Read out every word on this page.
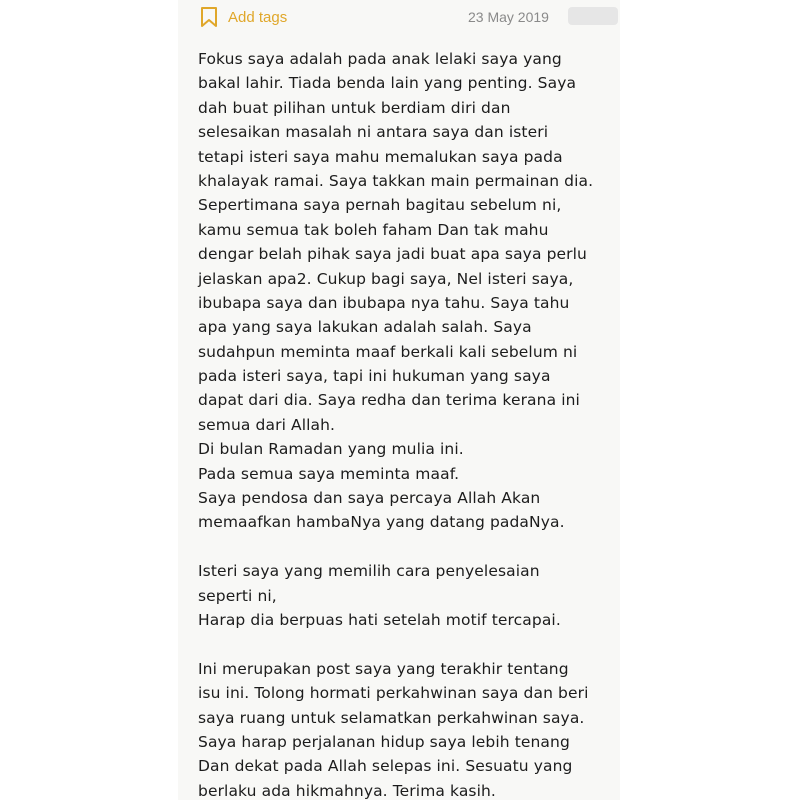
Add tags	23 May 2019
Fokus saya adalah pada anak lelaki saya yang
bakal lahir. Tiada benda lain yang penting. Saya
dah buat pilihan untuk berdiam diri dan
selesaikan masalah ni antara saya dan isteri
tetapi isteri saya mahu memalukan saya pada
khalayak ramai. Saya takkan main permainan dia.
Sepertimana saya pernah bagitau sebelum ni,
kamu semua tak boleh faham Dan tak mahu
dengar belah pihak saya jadi buat apa saya perlu
jelaskan apa2. Cukup bagi saya, Nel isteri saya,
ibubapa saya dan ibubapa nya tahu. Saya tahu
apa yang saya lakukan adalah salah. Saya
sudahpun meminta maaf berkali kali sebelum ni
pada isteri saya, tapi ini hukuman yang saya
dapat dari dia. Saya redha dan terima kerana ini
semua dari Allah.
Di bulan Ramadan yang mulia ini.
Pada semua saya meminta maaf.
Saya pendosa dan saya percaya Allah Akan
memaafkan hambaNya yang datang padaNya.
Isteri saya yang memilih cara penyelesaian
seperti ni,
Harap dia berpuas hati setelah motif tercapai.
Ini merupakan post saya yang terakhir tentang
isu ini. Tolong hormati perkahwinan saya dan beri
saya ruang untuk selamatkan perkahwinan saya.
Saya harap perjalanan hidup saya lebih tenang
Dan dekat pada Allah selepas ini. Sesuatu yang
berlaku ada hikmahnya. Terima kasih.
